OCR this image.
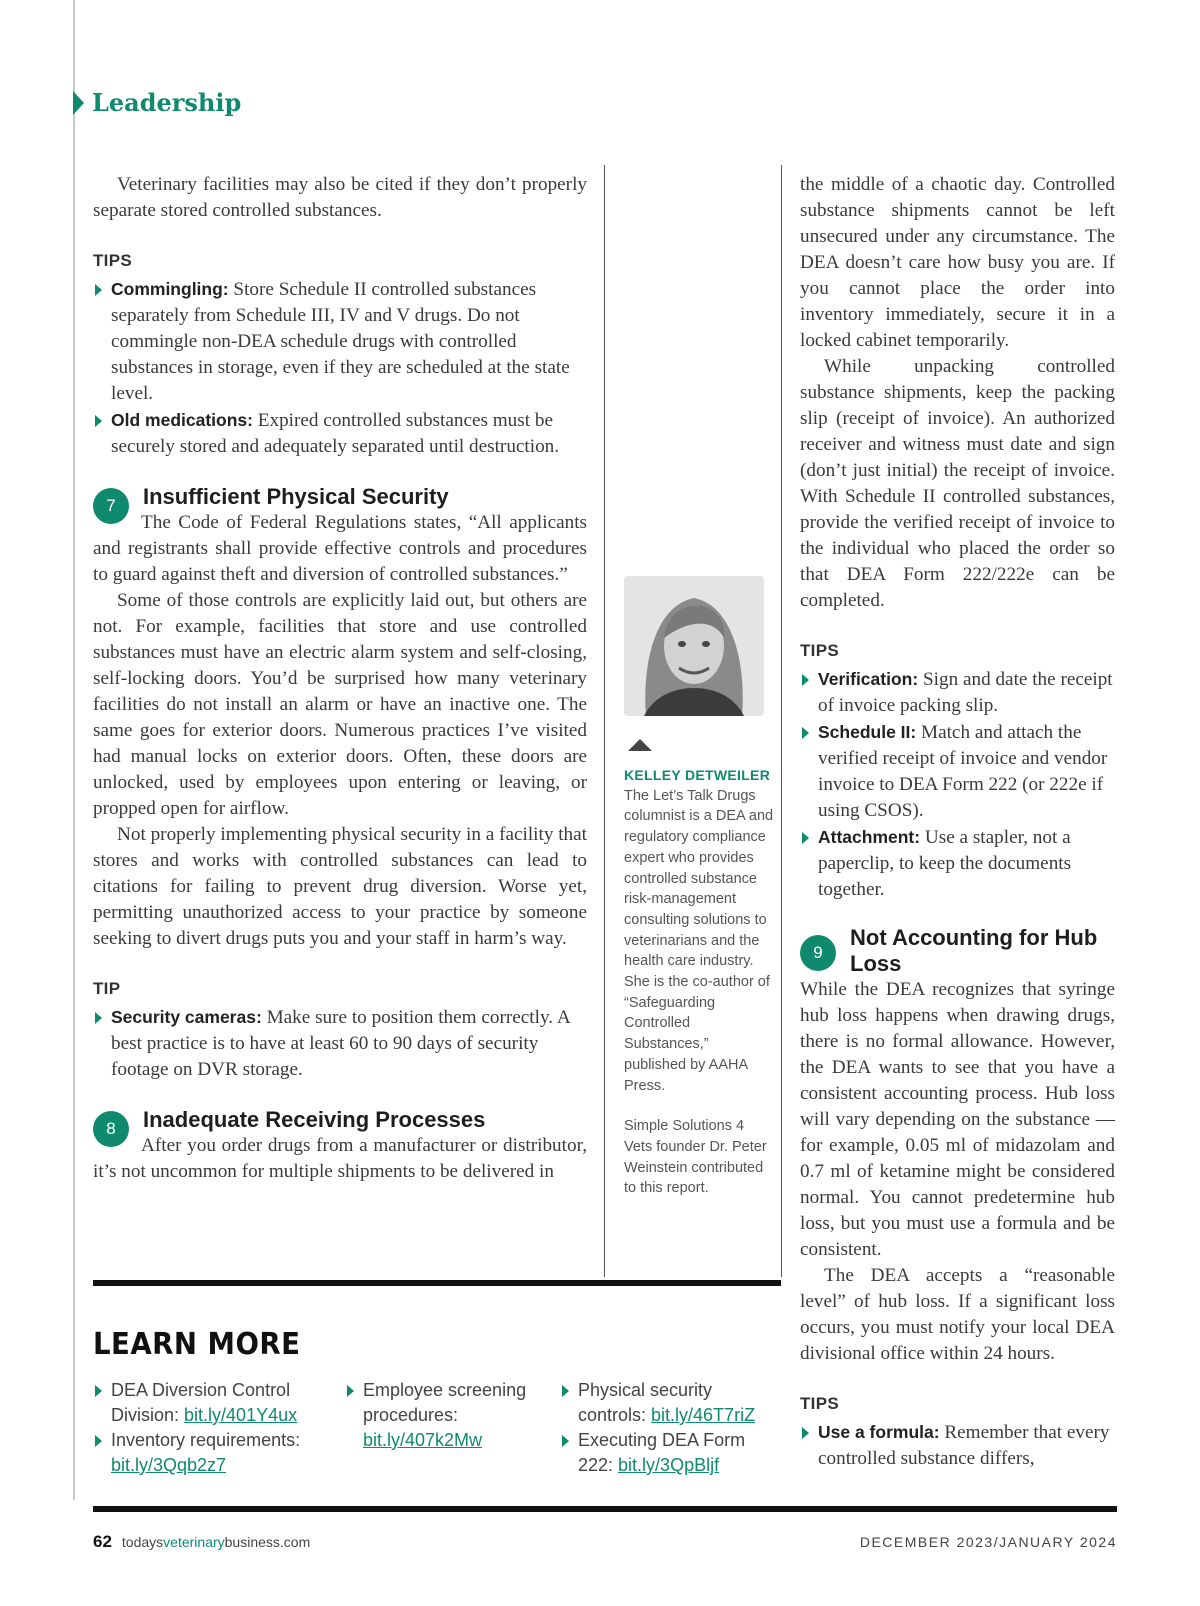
Leadership

Veterinary facilities may also be cited if they don’t properly separate stored controlled substances.

TIPS
Commingling: Store Schedule II controlled substances separately from Schedule III, IV and V drugs. Do not commingle non-DEA schedule drugs with controlled substances in storage, even if they are scheduled at the state level.
Old medications: Expired controlled substances must be securely stored and adequately separated until destruction.
7	Insufficient Physical Security

The Code of Federal Regulations states, “All applicants and registrants shall provide effective controls and procedures to guard against theft and diversion of controlled substances.”

Some of those controls are explicitly laid out, but others are not. For example, facilities that store and use controlled substances must have an electric alarm system and self-closing, self-locking doors. You’d be surprised how many veterinary facilities do not install an alarm or have an inactive one. The same goes for exterior doors. Numerous practices I’ve visited had manual locks on exterior doors. Often, these doors are unlocked, used by employees upon entering or leaving, or propped open for airflow.

Not properly implementing physical security in a facility that stores and works with controlled substances can lead to citations for failing to prevent drug diversion. Worse yet, permitting unauthorized access to your practice by someone seeking to divert drugs puts you and your staff in harm’s way.

TIP
Security cameras: Make sure to position them correctly. A best practice is to have at least 60 to 90 days of security footage on DVR storage.
8	Inadequate Receiving Processes

After you order drugs from a manufacturer or distributor, it’s not uncommon for multiple shipments to be delivered in

KELLEY DETWEILER
The Let’s Talk Drugs columnist is a DEA and regulatory compliance expert who provides controlled substance risk-management consulting solutions to veterinarians and the health care industry. She is the co-author of “Safeguarding Controlled Substances,” published by AAHA Press.
Simple Solutions 4 Vets founder Dr. Peter Weinstein contributed to this report.

the middle of a chaotic day. Controlled substance shipments cannot be left unsecured under any circumstance. The DEA doesn’t care how busy you are. If you cannot place the order into inventory immediately, secure it in a locked cabinet temporarily.

While unpacking controlled substance shipments, keep the packing slip (receipt of invoice). An authorized receiver and witness must date and sign (don’t just initial) the receipt of invoice. With Schedule II controlled substances, provide the verified receipt of invoice to the individual who placed the order so that DEA Form 222/222e can be completed.

TIPS
Verification: Sign and date the receipt of invoice packing slip.
Schedule II: Match and attach the verified receipt of invoice and vendor invoice to DEA Form 222 (or 222e if using CSOS).
Attachment: Use a stapler, not a paperclip, to keep the documents together.
9
Not Accounting for Hub Loss

While the DEA recognizes that syringe hub loss happens when drawing drugs, there is no formal allowance. However, the DEA wants to see that you have a consistent accounting process. Hub loss will vary depending on the substance — for example, 0.05 ml of midazolam and 0.7 ml of ketamine might be considered normal. You cannot predetermine hub loss, but you must use a formula and be consistent.

The DEA accepts a “reasonable level” of hub loss. If a significant loss occurs, you must notify your local DEA divisional office within 24 hours.

TIPS
Use a formula: Remember that every controlled substance differs,
LEARN MORE
DEA Diversion Control Division: bit.ly/401Y4ux
Inventory requirements: bit.ly/3Qqb2z7
Employee screening procedures: bit.ly/407k2Mw
Physical security controls: bit.ly/46T7riZ
Executing DEA Form 222: bit.ly/3QpBljf
62 todaysveterinarybusiness.com	DECEMBER 2023/JANUARY 2024
